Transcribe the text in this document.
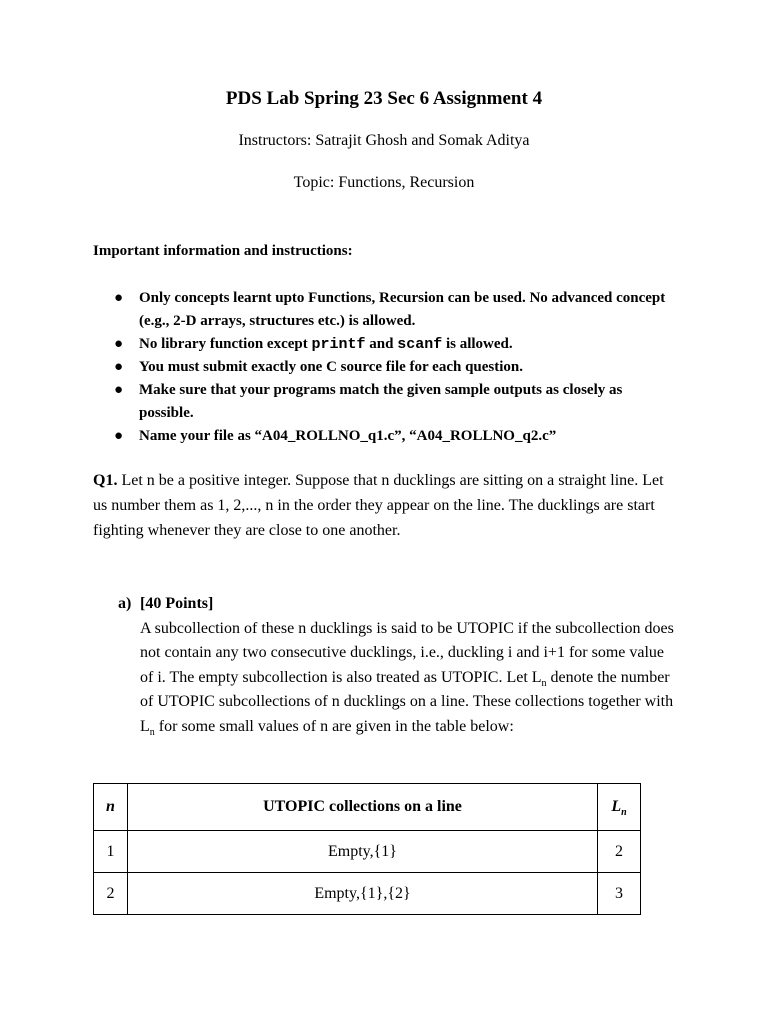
PDS Lab Spring 23 Sec 6 Assignment 4
Instructors: Satrajit Ghosh and Somak Aditya
Topic: Functions, Recursion
Important information and instructions:
● Only concepts learnt upto Functions, Recursion can be used. No advanced concept (e.g., 2-D arrays, structures etc.) is allowed.
● No library function except printf and scanf is allowed.
● You must submit exactly one C source file for each question.
● Make sure that your programs match the given sample outputs as closely as possible.
● Name your file as “A04_ROLLNO_q1.c”, “A04_ROLLNO_q2.c”
Q1. Let n be a positive integer. Suppose that n ducklings are sitting on a straight line. Let us number them as 1, 2,..., n in the order they appear on the line. The ducklings are start fighting whenever they are close to one another.
a) [40 Points]
A subcollection of these n ducklings is said to be UTOPIC if the subcollection does not contain any two consecutive ducklings, i.e., duckling i and i+1 for some value of i. The empty subcollection is also treated as UTOPIC. Let $L_n$ denote the number of UTOPIC subcollections of n ducklings on a line. These collections together with $L_n$ for some small values of n are given in the table below:
n	UTOPIC collections on a line	$L_n$
1	Empty,{1}	2
2	Empty,{1},{2}	3
